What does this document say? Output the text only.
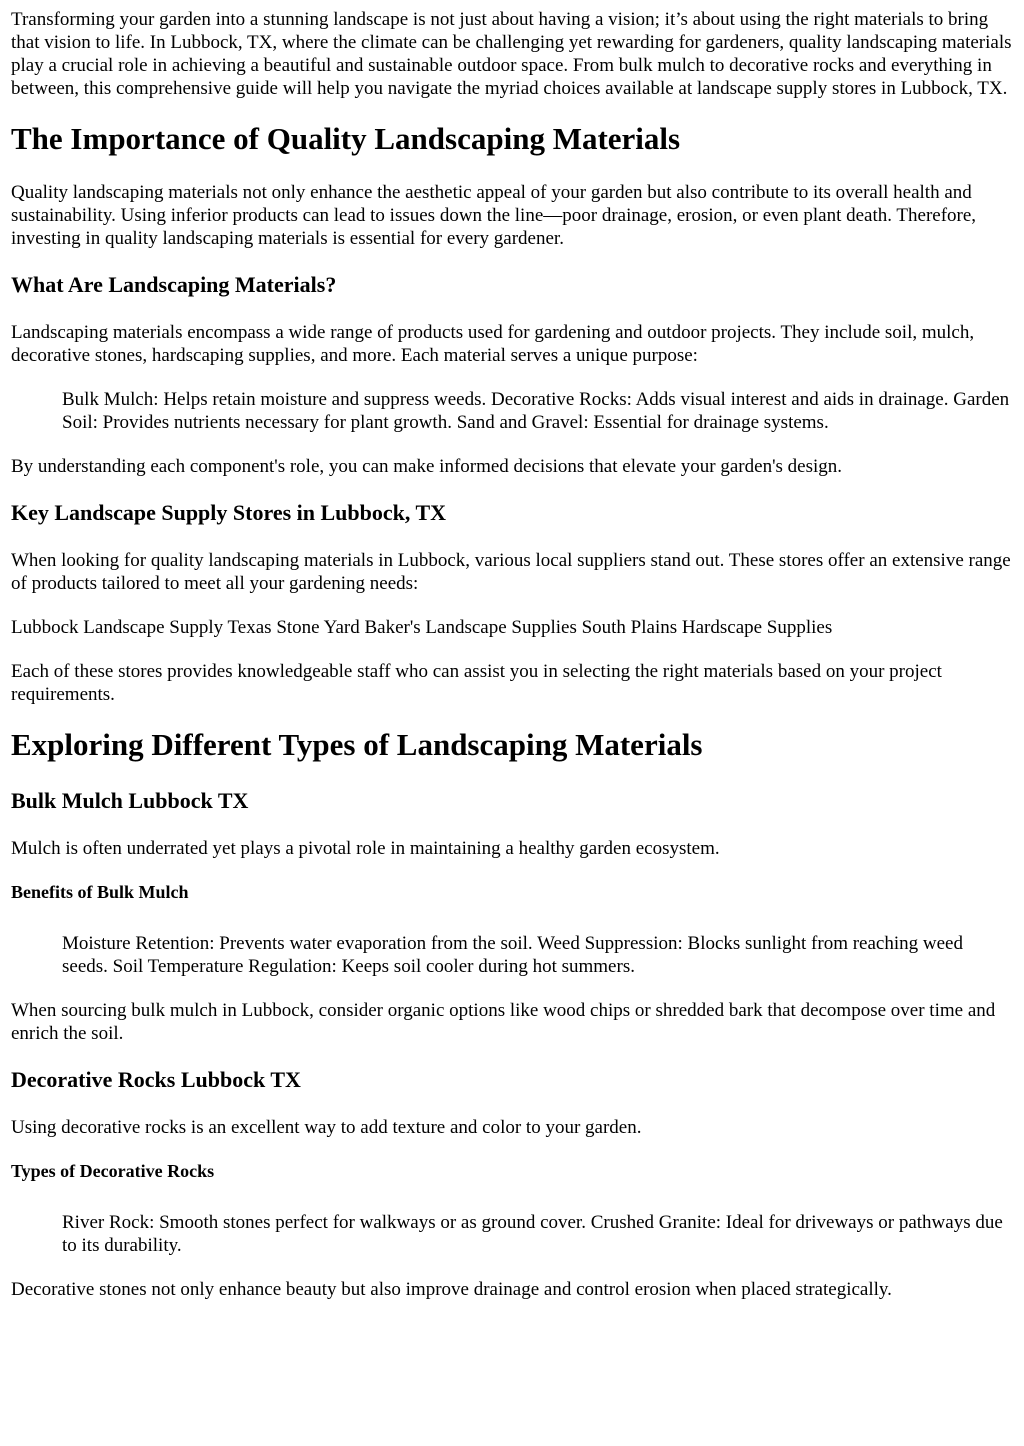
Transforming your garden into a stunning landscape is not just about having a vision; it’s about using the right materials to bring that vision to life. In Lubbock, TX, where the climate can be challenging yet rewarding for gardeners, quality landscaping materials play a crucial role in achieving a beautiful and sustainable outdoor space. From bulk mulch to decorative rocks and everything in between, this comprehensive guide will help you navigate the myriad choices available at landscape supply stores in Lubbock, TX.

The Importance of Quality Landscaping Materials

Quality landscaping materials not only enhance the aesthetic appeal of your garden but also contribute to its overall health and sustainability. Using inferior products can lead to issues down the line—poor drainage, erosion, or even plant death. Therefore, investing in quality landscaping materials is essential for every gardener.

What Are Landscaping Materials?

Landscaping materials encompass a wide range of products used for gardening and outdoor projects. They include soil, mulch, decorative stones, hardscaping supplies, and more. Each material serves a unique purpose:

Bulk Mulch: Helps retain moisture and suppress weeds. Decorative Rocks: Adds visual interest and aids in drainage. Garden Soil: Provides nutrients necessary for plant growth. Sand and Gravel: Essential for drainage systems.

By understanding each component's role, you can make informed decisions that elevate your garden's design.

Key Landscape Supply Stores in Lubbock, TX

When looking for quality landscaping materials in Lubbock, various local suppliers stand out. These stores offer an extensive range of products tailored to meet all your gardening needs:

Lubbock Landscape Supply Texas Stone Yard Baker's Landscape Supplies South Plains Hardscape Supplies

Each of these stores provides knowledgeable staff who can assist you in selecting the right materials based on your project requirements.

Exploring Different Types of Landscaping Materials
Bulk Mulch Lubbock TX

Mulch is often underrated yet plays a pivotal role in maintaining a healthy garden ecosystem.

Benefits of Bulk Mulch
Moisture Retention: Prevents water evaporation from the soil. Weed Suppression: Blocks sunlight from reaching weed seeds. Soil Temperature Regulation: Keeps soil cooler during hot summers.

When sourcing bulk mulch in Lubbock, consider organic options like wood chips or shredded bark that decompose over time and enrich the soil.

Decorative Rocks Lubbock TX

Using decorative rocks is an excellent way to add texture and color to your garden.

Types of Decorative Rocks
River Rock: Smooth stones perfect for walkways or as ground cover. Crushed Granite: Ideal for driveways or pathways due to its durability.

Decorative stones not only enhance beauty but also improve drainage and control erosion when placed strategically.
